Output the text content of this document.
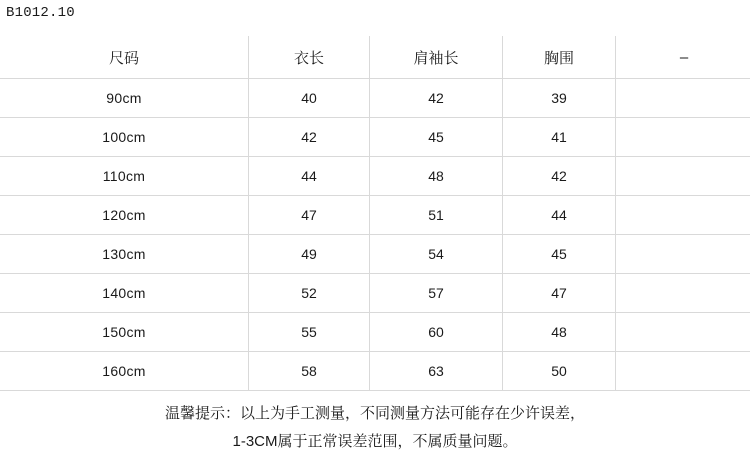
B1012.10
尺码	衣长	肩袖长	胸围	–
90cm	40	42	39	
100cm	42	45	41	
110cm	44	48	42	
120cm	47	51	44	
130cm	49	54	45	
140cm	52	57	47	
150cm	55	60	48	
160cm	58	63	50	
温馨提示：以上为手工测量，不同测量方法可能存在少许误差，
1-3CM属于正常误差范围，不属质量问题。
